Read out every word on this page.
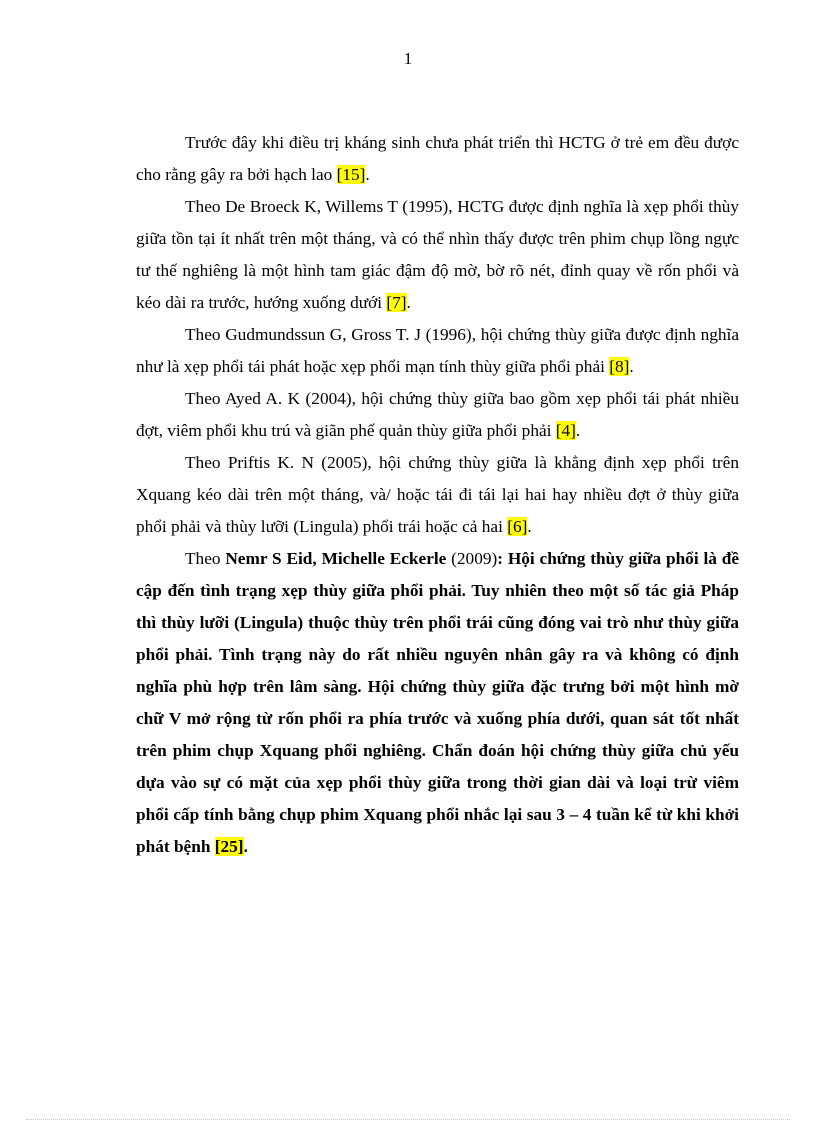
1

Trước đây khi điều trị kháng sinh chưa phát triển thì HCTG ở trẻ em đều được cho rằng gây ra bởi hạch lao [15].

Theo De Broeck K, Willems T (1995), HCTG được định nghĩa là xẹp phổi thùy giữa tồn tại ít nhất trên một tháng, và có thể nhìn thấy được trên phim chụp lồng ngực tư thế nghiêng là một hình tam giác đậm độ mờ, bờ rõ nét, đỉnh quay về rốn phổi và kéo dài ra trước, hướng xuống dưới [7].

Theo Gudmundssun G, Gross T. J (1996), hội chứng thùy giữa được định nghĩa như là xẹp phổi tái phát hoặc xẹp phổi mạn tính thùy giữa phổi phải [8].

Theo Ayed A. K (2004), hội chứng thùy giữa bao gồm xẹp phổi tái phát nhiều đợt, viêm phổi khu trú và giãn phế quản thùy giữa phổi phải [4].

Theo Priftis K. N (2005), hội chứng thùy giữa là khẳng định xẹp phổi trên Xquang kéo dài trên một tháng, và/ hoặc tái đi tái lại hai hay nhiều đợt ở thùy giữa phổi phải và thùy lưỡi (Lingula) phổi trái hoặc cả hai [6].

Theo Nemr S Eid, Michelle Eckerle (2009): Hội chứng thùy giữa phổi là đề cập đến tình trạng xẹp thùy giữa phổi phải. Tuy nhiên theo một số tác giả Pháp thì thùy lưỡi (Lingula) thuộc thùy trên phổi trái cũng đóng vai trò như thùy giữa phổi phải. Tình trạng này do rất nhiều nguyên nhân gây ra và không có định nghĩa phù hợp trên lâm sàng. Hội chứng thùy giữa đặc trưng bởi một hình mờ chữ V mở rộng từ rốn phổi ra phía trước và xuống phía dưới, quan sát tốt nhất trên phim chụp Xquang phổi nghiêng. Chẩn đoán hội chứng thùy giữa chủ yếu dựa vào sự có mặt của xẹp phổi thùy giữa trong thời gian dài và loại trừ viêm phổi cấp tính bằng chụp phim Xquang phổi nhắc lại sau 3 – 4 tuần kể từ khi khởi phát bệnh [25].
